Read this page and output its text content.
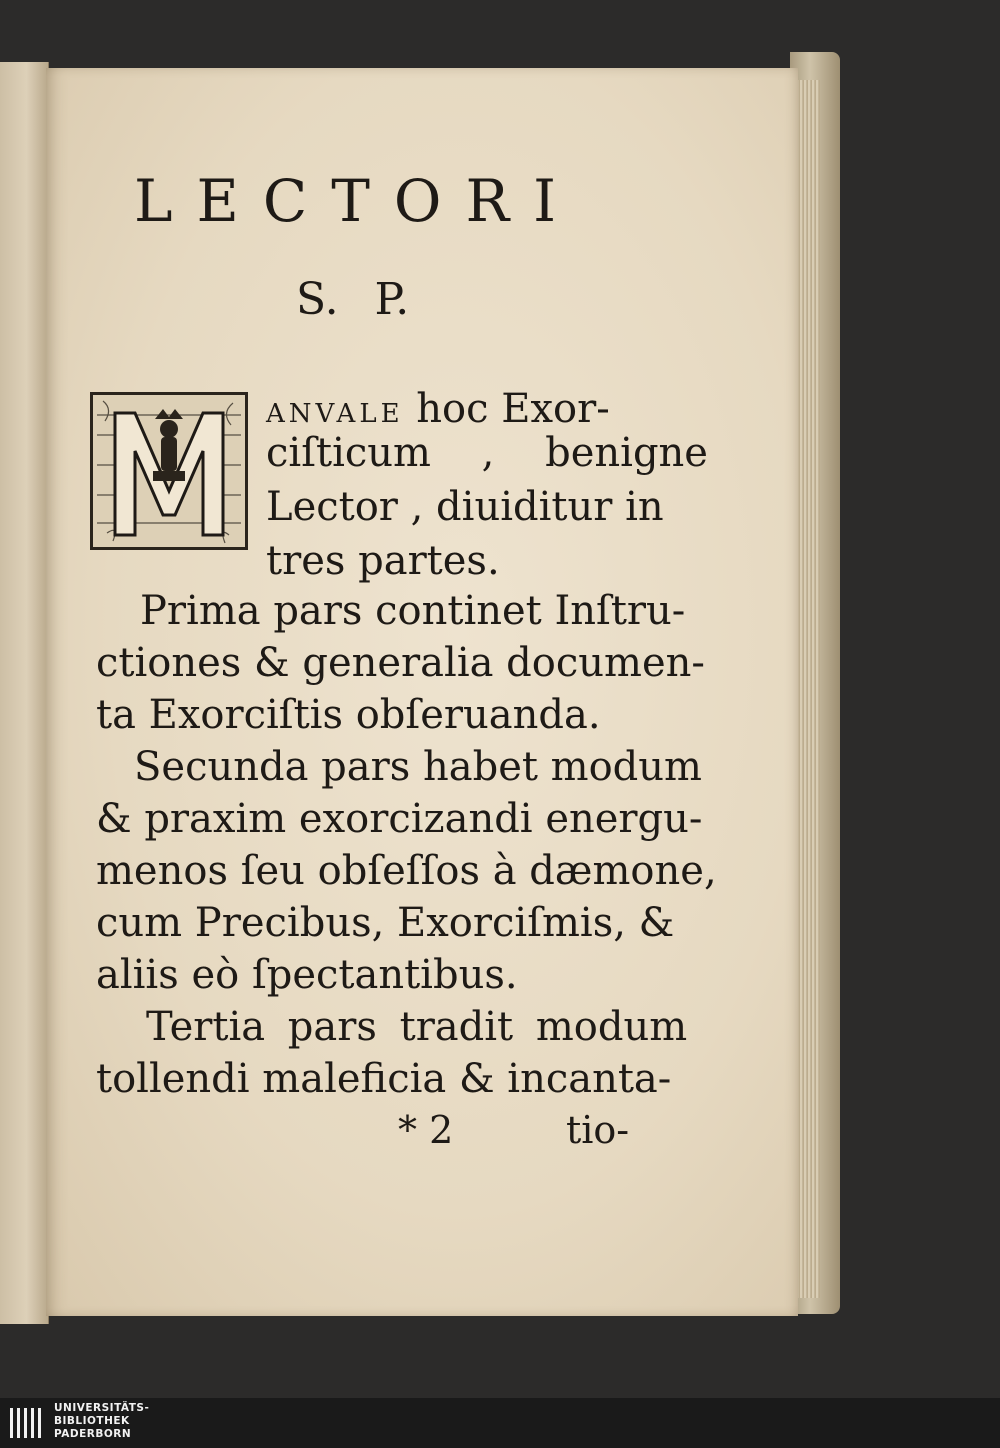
LECTORI
S. P.
ANVALE hoc Exor-
ciſticum , benigne
Lector , diuiditur in
tres partes.
Prima pars continet Inſtru-
ctiones & generalia documen-
ta Exorciſtis obſeruanda.
Secunda pars habet modum
& praxim exorcizandi energu-
menos ſeu obſeſſos à dæmone,
cum Precibus, Exorciſmis, &
aliis eò ſpectantibus.
Tertia pars tradit modum
tollendi maleficia & incanta-
* 2	tio-
UNIVERSITÄTS-
BIBLIOTHEK
PADERBORN
